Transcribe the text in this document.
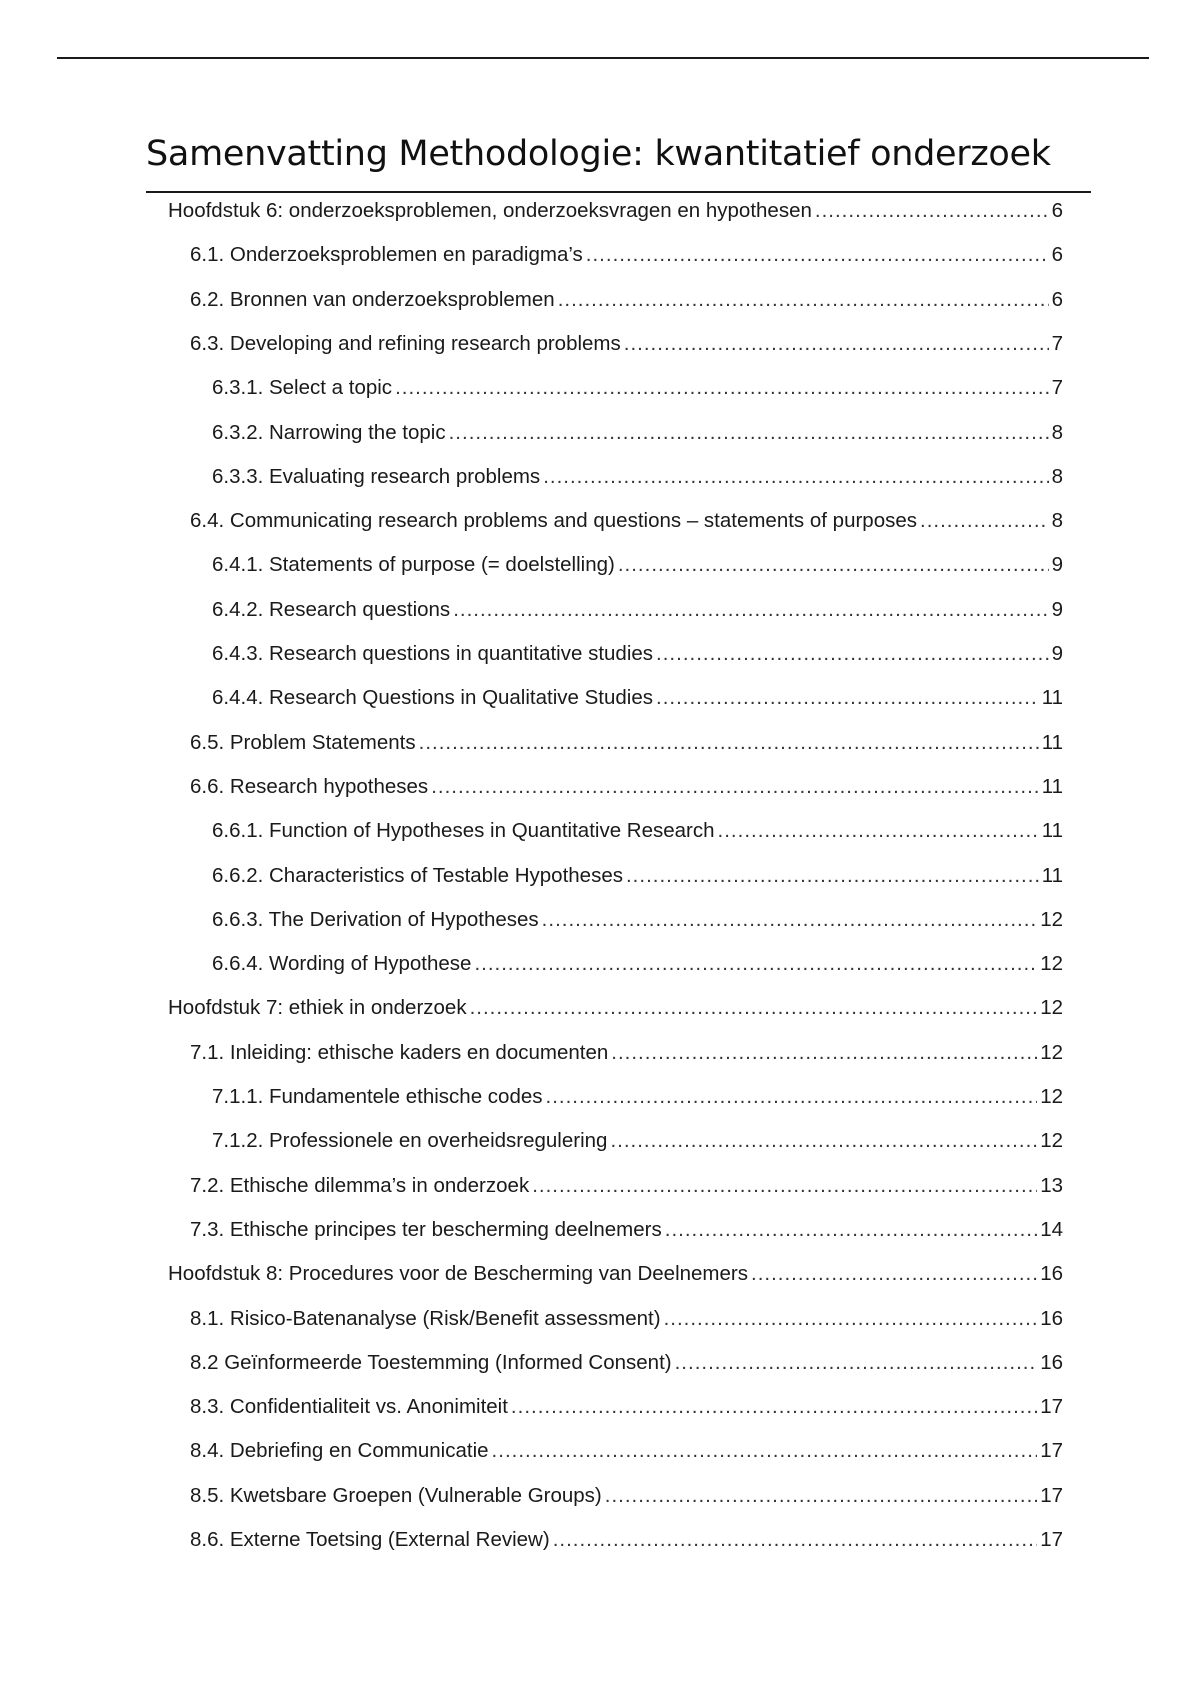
Samenvatting Methodologie: kwantitatief onderzoek
Hoofdstuk 6: onderzoeksproblemen, onderzoeksvragen en hypothesen .....	6
6.1. Onderzoeksproblemen en paradigma’s .....	6
6.2. Bronnen van onderzoeksproblemen .....	6
6.3. Developing and refining research problems .....	7
6.3.1. Select a topic .....	7
6.3.2. Narrowing the topic .....	8
6.3.3. Evaluating research problems .....	8
6.4. Communicating research problems and questions – statements of purposes .....	8
6.4.1. Statements of purpose (= doelstelling) .....	9
6.4.2. Research questions .....	9
6.4.3. Research questions in quantitative studies .....	9
6.4.4. Research Questions in Qualitative Studies .....	11
6.5. Problem Statements .....	11
6.6. Research hypotheses .....	11
6.6.1. Function of Hypotheses in Quantitative Research .....	11
6.6.2. Characteristics of Testable Hypotheses .....	11
6.6.3. The Derivation of Hypotheses .....	12
6.6.4. Wording of Hypothese .....	12
Hoofdstuk 7: ethiek in onderzoek .....	12
7.1. Inleiding: ethische kaders en documenten .....	12
7.1.1. Fundamentele ethische codes .....	12
7.1.2. Professionele en overheidsregulering .....	12
7.2. Ethische dilemma’s in onderzoek .....	13
7.3. Ethische principes ter bescherming deelnemers .....	14
Hoofdstuk 8: Procedures voor de Bescherming van Deelnemers .....	16
8.1. Risico-Batenanalyse (Risk/Benefit assessment) .....	16
8.2 Geïnformeerde Toestemming (Informed Consent) .....	16
8.3. Confidentialiteit vs. Anonimiteit .....	17
8.4. Debriefing en Communicatie .....	17
8.5. Kwetsbare Groepen (Vulnerable Groups) .....	17
8.6. Externe Toetsing (External Review) .....	17
